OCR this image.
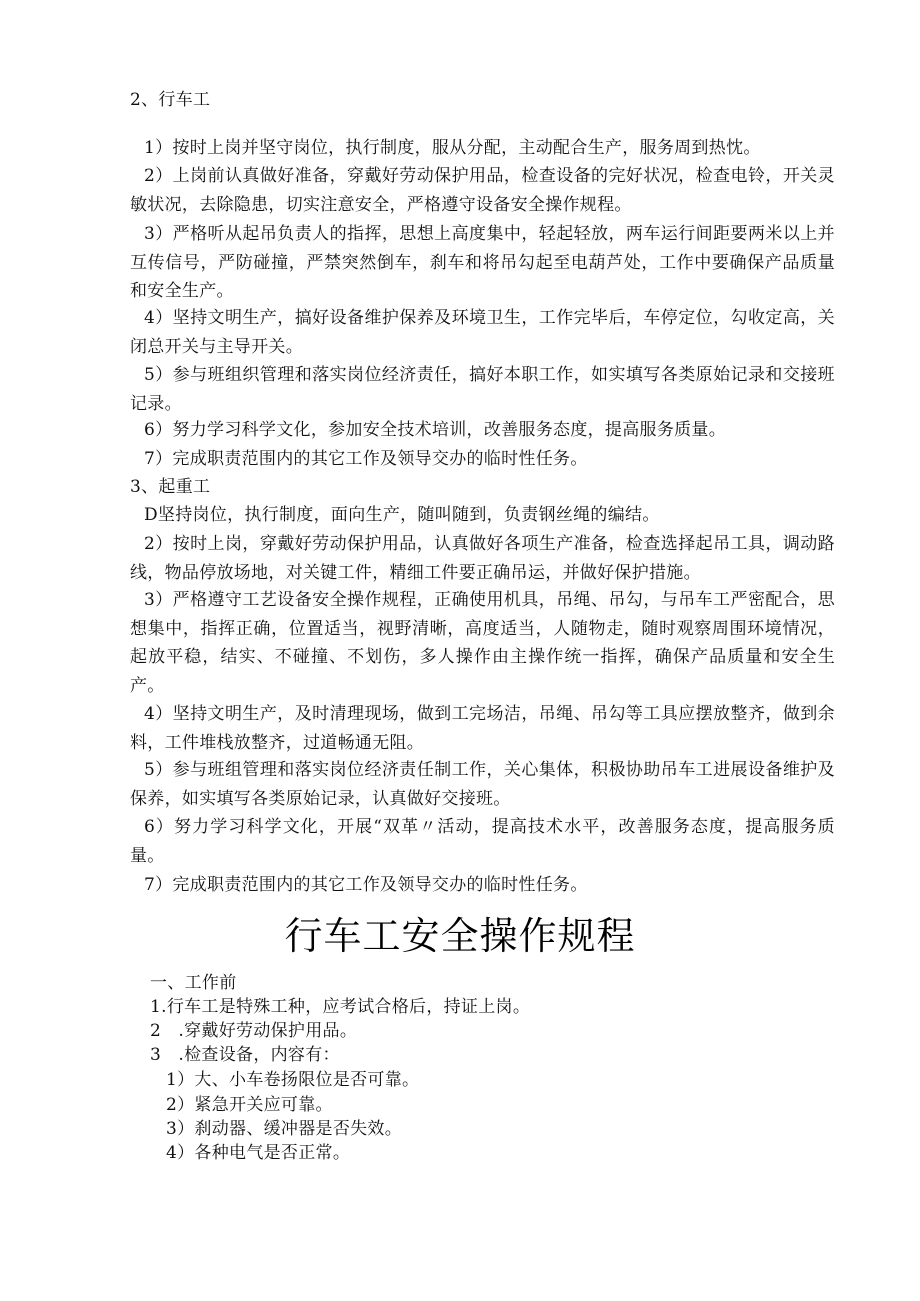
2、行车工
1）按时上岗并坚守岗位，执行制度，服从分配，主动配合生产，服务周到热忱。
2）上岗前认真做好准备，穿戴好劳动保护用品，检查设备的完好状况，检查电铃，开关灵敏状况，去除隐患，切实注意安全，严格遵守设备安全操作规程。
3）严格听从起吊负责人的指挥，思想上高度集中，轻起轻放，两车运行间距要两米以上并互传信号，严防碰撞，严禁突然倒车，刹车和将吊勾起至电葫芦处，工作中要确保产品质量和安全生产。
4）坚持文明生产，搞好设备维护保养及环境卫生，工作完毕后，车停定位，勾收定高，关闭总开关与主导开关。
5）参与班组织管理和落实岗位经济责任，搞好本职工作，如实填写各类原始记录和交接班记录。
6）努力学习科学文化，参加安全技术培训，改善服务态度，提高服务质量。
7）完成职责范围内的其它工作及领导交办的临时性任务。
3、起重工
D坚持岗位，执行制度，面向生产，随叫随到，负责钢丝绳的编结。
2）按时上岗，穿戴好劳动保护用品，认真做好各项生产准备，检查选择起吊工具，调动路线，物品停放场地，对关键工件，精细工件要正确吊运，并做好保护措施。
3）严格遵守工艺设备安全操作规程，正确使用机具，吊绳、吊勾，与吊车工严密配合，思想集中，指挥正确，位置适当，视野清晰，高度适当，人随物走，随时观察周围环境情况，起放平稳，结实、不碰撞、不划伤，多人操作由主操作统一指挥，确保产品质量和安全生产。
4）坚持文明生产，及时清理现场，做到工完场洁，吊绳、吊勾等工具应摆放整齐，做到余料，工件堆栈放整齐，过道畅通无阻。
5）参与班组管理和落实岗位经济责任制工作，关心集体，积极协助吊车工进展设备维护及保养，如实填写各类原始记录，认真做好交接班。
6）努力学习科学文化，开展“双革〃活动，提高技术水平，改善服务态度，提高服务质量。
7）完成职责范围内的其它工作及领导交办的临时性任务。
行车工安全操作规程
一、工作前
1.行车工是特殊工种，应考试合格后，持证上岗。
2　.穿戴好劳动保护用品。
3　.检查设备，内容有：
1）大、小车卷扬限位是否可靠。
2）紧急开关应可靠。
3）刹动器、缓冲器是否失效。
4）各种电气是否正常。
